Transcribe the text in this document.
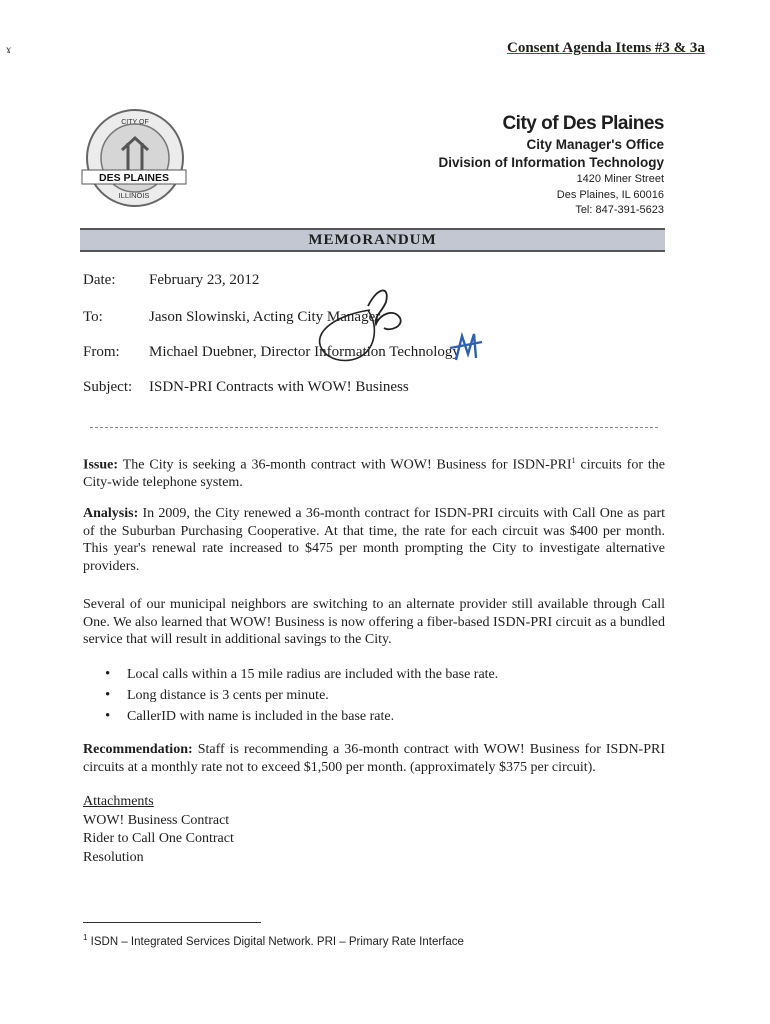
ɤ	Consent Agenda Items #3 & 3a
CITY OF
DES PLAINES
ILLINOIS
City of Des Plaines
City Manager's Office
Division of Information Technology
1420 Miner Street
Des Plaines, IL 60016
Tel: 847-391-5623
MEMORANDUM
Date: February 23, 2012
To:	Jason Slowinski, Acting City Manager
From: Michael Duebner, Director Information Technology
Subject: ISDN-PRI Contracts with WOW! Business
Issue: The City is seeking a 36-month contract with WOW! Business for ISDN-PRI$^1$ circuits for the City-wide telephone system.
Analysis: In 2009, the City renewed a 36-month contract for ISDN-PRI circuits with Call One as part of the Suburban Purchasing Cooperative. At that time, the rate for each circuit was $400 per month. This year's renewal rate increased to $475 per month prompting the City to investigate alternative providers.
Several of our municipal neighbors are switching to an alternate provider still available through Call One. We also learned that WOW! Business is now offering a fiber-based ISDN-PRI circuit as a bundled service that will result in additional savings to the City.
•	Local calls within a 15 mile radius are included with the base rate.
•	Long distance is 3 cents per minute.
•	CallerID with name is included in the base rate.
Recommendation: Staff is recommending a 36-month contract with WOW! Business for ISDN-PRI circuits at a monthly rate not to exceed $1,500 per month. (approximately $375 per circuit).
Attachments
WOW! Business Contract
Rider to Call One Contract
Resolution
$^1$ ISDN – Integrated Services Digital Network. PRI – Primary Rate Interface
